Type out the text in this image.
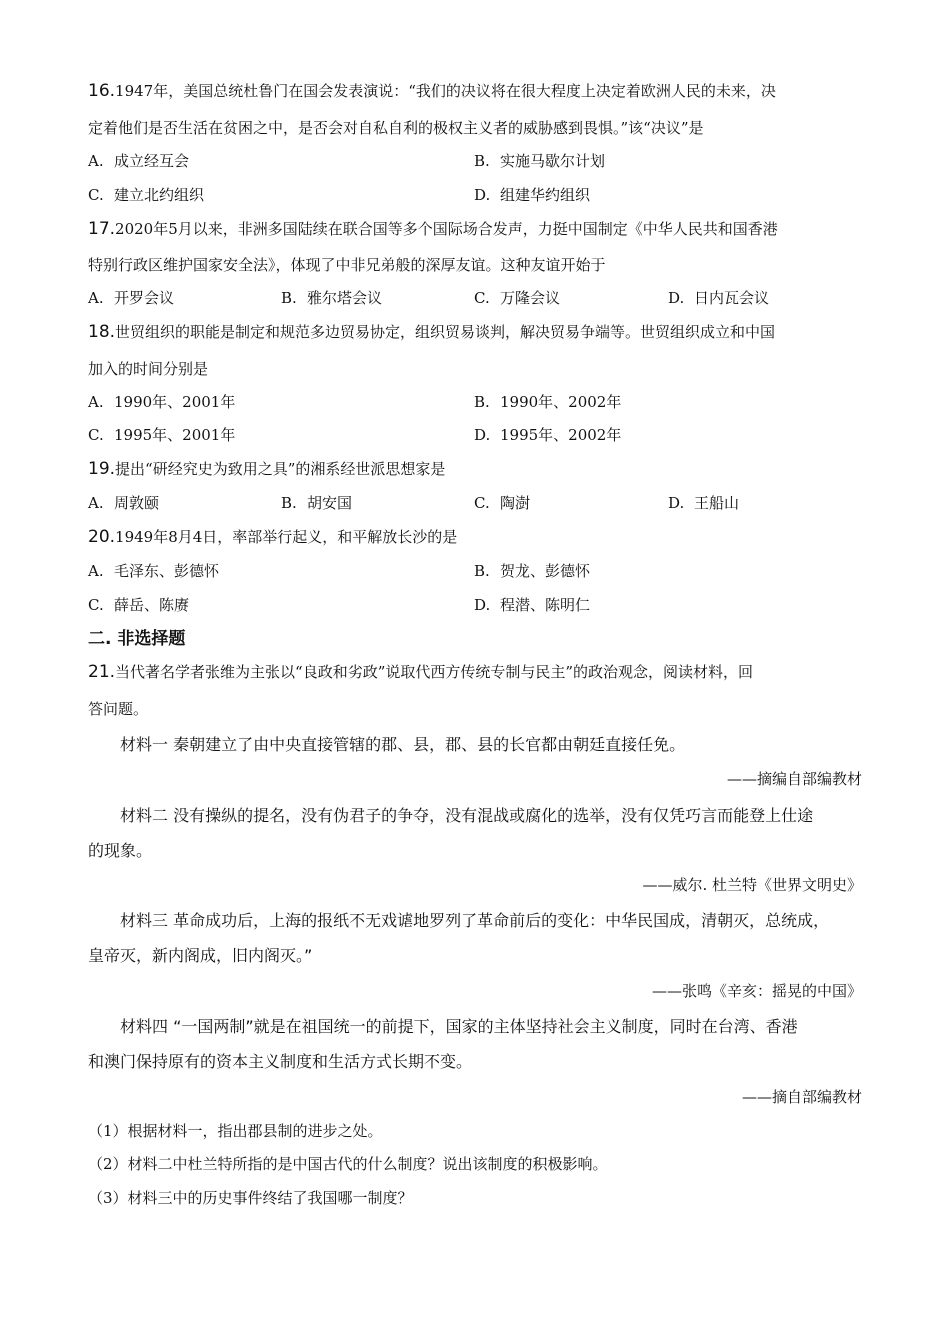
16.1947年，美国总统杜鲁门在国会发表演说：“我们的决议将在很大程度上决定着欧洲人民的未来，决
定着他们是否生活在贫困之中，是否会对自私自利的极权主义者的威胁感到畏惧。”该“决议”是
A. 成立经互会	B. 实施马歇尔计划
C. 建立北约组织	D. 组建华约组织
17.2020年5月以来，非洲多国陆续在联合国等多个国际场合发声，力挺中国制定《中华人民共和国香港
特别行政区维护国家安全法》，体现了中非兄弟般的深厚友谊。这种友谊开始于
A. 开罗会议	B. 雅尔塔会议	C. 万隆会议	D. 日内瓦会议
18.世贸组织的职能是制定和规范多边贸易协定，组织贸易谈判，解决贸易争端等。世贸组织成立和中国
加入的时间分别是
A. 1990年、2001年	B. 1990年、2002年
C. 1995年、2001年	D. 1995年、2002年
19.提出“研经究史为致用之具”的湘系经世派思想家是
A. 周敦颐	B. 胡安国	C. 陶澍	D. 王船山
20.1949年8月4日，率部举行起义，和平解放长沙的是
A. 毛泽东、彭德怀	B. 贺龙、彭德怀
C. 薛岳、陈赓	D. 程潜、陈明仁
二. 非选择题
21.当代著名学者张维为主张以“良政和劣政”说取代西方传统专制与民主”的政治观念，阅读材料，回
答问题。
材料一 秦朝建立了由中央直接管辖的郡、县，郡、县的长官都由朝廷直接任免。
——摘编自部编教材
材料二 没有操纵的提名，没有伪君子的争夺，没有混战或腐化的选举，没有仅凭巧言而能登上仕途
的现象。
——威尔. 杜兰特《世界文明史》
材料三 革命成功后，上海的报纸不无戏谑地罗列了革命前后的变化：中华民国成，清朝灭，总统成，
皇帝灭，新内阁成，旧内阁灭。”
——张鸣《辛亥：摇晃的中国》
材料四 “一国两制”就是在祖国统一的前提下，国家的主体坚持社会主义制度，同时在台湾、香港
和澳门保持原有的资本主义制度和生活方式长期不变。
——摘自部编教材
（1）根据材料一，指出郡县制的进步之处。
（2）材料二中杜兰特所指的是中国古代的什么制度？说出该制度的积极影响。
（3）材料三中的历史事件终结了我国哪一制度？
